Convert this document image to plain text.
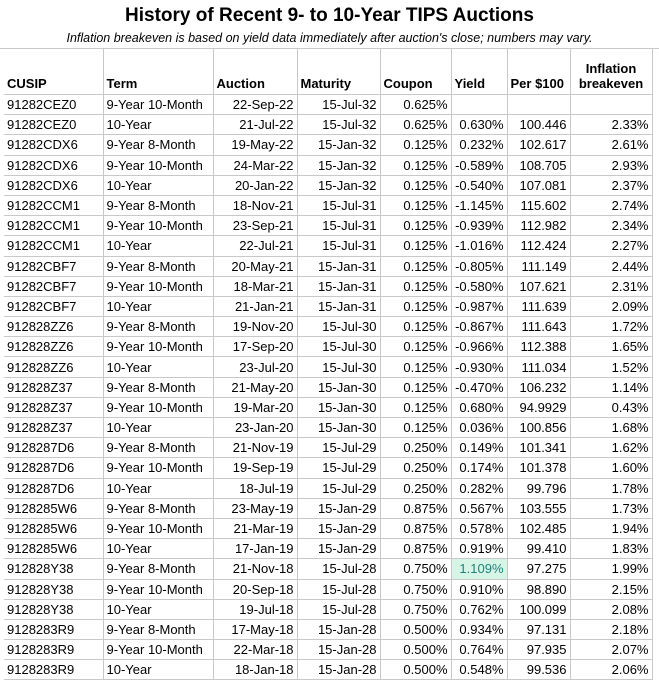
History of Recent 9- to 10-Year TIPS Auctions
Inflation breakeven is based on yield data immediately after auction's close; numbers may vary.
CUSIP	Term	Auction	Maturity	Coupon	Yield	Per $100	Inflation breakeven
91282CEZ0	9-Year 10-Month	22-Sep-22	15-Jul-32	0.625%			
91282CEZ0	10-Year	21-Jul-22	15-Jul-32	0.625%	0.630%	100.446	2.33%
91282CDX6	9-Year 8-Month	19-May-22	15-Jan-32	0.125%	0.232%	102.617	2.61%
91282CDX6	9-Year 10-Month	24-Mar-22	15-Jan-32	0.125%	-0.589%	108.705	2.93%
91282CDX6	10-Year	20-Jan-22	15-Jan-32	0.125%	-0.540%	107.081	2.37%
91282CCM1	9-Year 8-Month	18-Nov-21	15-Jul-31	0.125%	-1.145%	115.602	2.74%
91282CCM1	9-Year 10-Month	23-Sep-21	15-Jul-31	0.125%	-0.939%	112.982	2.34%
91282CCM1	10-Year	22-Jul-21	15-Jul-31	0.125%	-1.016%	112.424	2.27%
91282CBF7	9-Year 8-Month	20-May-21	15-Jan-31	0.125%	-0.805%	111.149	2.44%
91282CBF7	9-Year 10-Month	18-Mar-21	15-Jan-31	0.125%	-0.580%	107.621	2.31%
91282CBF7	10-Year	21-Jan-21	15-Jan-31	0.125%	-0.987%	111.639	2.09%
912828ZZ6	9-Year 8-Month	19-Nov-20	15-Jul-30	0.125%	-0.867%	111.643	1.72%
912828ZZ6	9-Year 10-Month	17-Sep-20	15-Jul-30	0.125%	-0.966%	112.388	1.65%
912828ZZ6	10-Year	23-Jul-20	15-Jul-30	0.125%	-0.930%	111.034	1.52%
912828Z37	9-Year 8-Month	21-May-20	15-Jan-30	0.125%	-0.470%	106.232	1.14%
912828Z37	9-Year 10-Month	19-Mar-20	15-Jan-30	0.125%	0.680%	94.9929	0.43%
912828Z37	10-Year	23-Jan-20	15-Jan-30	0.125%	0.036%	100.856	1.68%
9128287D6	9-Year 8-Month	21-Nov-19	15-Jul-29	0.250%	0.149%	101.341	1.62%
9128287D6	9-Year 10-Month	19-Sep-19	15-Jul-29	0.250%	0.174%	101.378	1.60%
9128287D6	10-Year	18-Jul-19	15-Jul-29	0.250%	0.282%	99.796	1.78%
9128285W6	9-Year 8-Month	23-May-19	15-Jan-29	0.875%	0.567%	103.555	1.73%
9128285W6	9-Year 10-Month	21-Mar-19	15-Jan-29	0.875%	0.578%	102.485	1.94%
9128285W6	10-Year	17-Jan-19	15-Jan-29	0.875%	0.919%	99.410	1.83%
912828Y38	9-Year 8-Month	21-Nov-18	15-Jul-28	0.750%	1.109%	97.275	1.99%
912828Y38	9-Year 10-Month	20-Sep-18	15-Jul-28	0.750%	0.910%	98.890	2.15%
912828Y38	10-Year	19-Jul-18	15-Jul-28	0.750%	0.762%	100.099	2.08%
9128283R9	9-Year 8-Month	17-May-18	15-Jan-28	0.500%	0.934%	97.131	2.18%
9128283R9	9-Year 10-Month	22-Mar-18	15-Jan-28	0.500%	0.764%	97.935	2.07%
9128283R9	10-Year	18-Jan-18	15-Jan-28	0.500%	0.548%	99.536	2.06%
